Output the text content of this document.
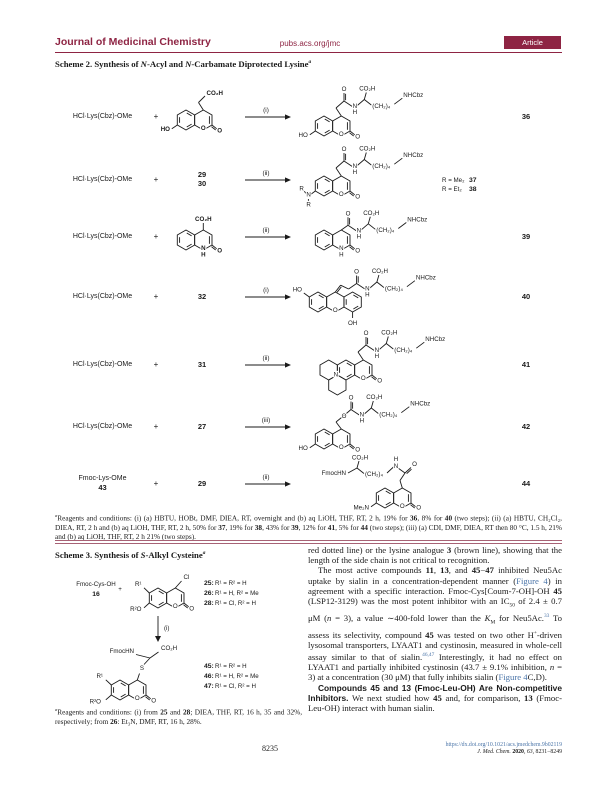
Journal of Medicinal Chemistry	pubs.acs.org/jmc	Article
Scheme 2. Synthesis of N-Acyl and N-Carbamate Diprotected Lysine$^a$
HCl·Lys(Cbz)-OMe	+
CO₂H
HO	O O
(i)
O
N
H
CO₂H
(CH₂)₄
NHCbz
HO	O O
36
HCl·Lys(Cbz)-OMe	+	29
30
(ii)
O
N
H
CO₂H
(CH₂)₄
NHCbz
R
N
R
O O
R = Me₂ 37
R = Et₂ 38
HCl·Lys(Cbz)-OMe	+
CO₂H
N
H
O
(ii)
O
N
H
CO₂H
(CH₂)₄
NHCbz
N
H
O
39
HCl·Lys(Cbz)-OMe	+	32
(i)
O
N
H
CO₂H
(CH₂)₄
NHCbz
HO
OH
O
40
HCl·Lys(Cbz)-OMe	+	31
(ii)
O
N
H
CO₂H
(CH₂)₄
NHCbz
N	O O
41
HCl·Lys(Cbz)-OMe	+	27
(iii)
O
N
H
CO₂H
(CH₂)₄
NHCbz
O
HO	O O
42
Fmoc-Lys-OMe
43	+	29
(ii)
FmocHN
CO₂H
(CH₂)₄
H
N O
Me₂N	O O
44
$^a$Reagents and conditions: (i) (a) HBTU, HOBt, DMF, DIEA, RT, overnight and (b) aq LiOH, THF, RT, 2 h, 19% for 36, 8% for 40 (two steps); (ii) (a) HBTU, CH₂Cl₂, DIEA, RT, 2 h and (b) aq LiOH, THF, RT, 2 h, 50% for 37, 19% for 38, 43% for 39, 12% for 41, 5% for 44 (two steps); (iii) (a) CDI, DMF, DIEA, RT then 80 °C, 1.5 h, 21% and (b) aq LiOH, THF, RT, 2 h 21% (two steps).
Scheme 3. Synthesis of S-Alkyl Cysteine$^a$
Fmoc-Cys-OH
16
+
Cl
R¹
R²O	O O
25: R¹ = R² = H
26: R¹ = H, R² = Me
28: R¹ = Cl, R² = H
(i)
FmocHN	CO₂H
S
R¹
R²O	O O
45: R¹ = R² = H
46: R¹ = H, R² = Me
47: R¹ = Cl, R² = H
$^a$Reagents and conditions: (i) from 25 and 28; DIEA, THF, RT, 16 h, 35 and 32%, respectively; from 26: Et₃N, DMF, RT, 16 h, 28%.
red dotted line) or the lysine analogue 3 (brown line), showing that the length of the side chain is not critical to recognition.
The most active compounds 11, 13, and 45−47 inhibited Neu5Ac uptake by sialin in a concentration-dependent manner (Figure 4) in agreement with a specific interaction. Fmoc-Cys[Coum-7-OH]-OH 45 (LSP12-3129) was the most potent inhibitor with an $IC_{50}$ of 2.4 ± 0.7 μM (n = 3), a value ∼400-fold lower than the $K_M$ for Neu5Ac.$^{33}$ To assess its selectivity, compound 45 was tested on two other H+-driven lysosomal transporters, LYAAT1 and cystinosin, measured in whole-cell assay similar to that of sialin.$^{46,47}$ Interestingly, it had no effect on LYAAT1 and partially inhibited cystinosin (43.7 ± 9.1% inhibition, n = 3) at a concentration (30 μM) that fully inhibits sialin (Figure 4C,D).
Compounds 45 and 13 (Fmoc-Leu-OH) Are Non-competitive Inhibitors. We next studied how 45 and, for comparison, 13 (Fmoc-Leu-OH) interact with human sialin.
8235	https://dx.doi.org/10.1021/acs.jmedchem.9b02119
J. Med. Chem. 2020, 63, 8231−8249
